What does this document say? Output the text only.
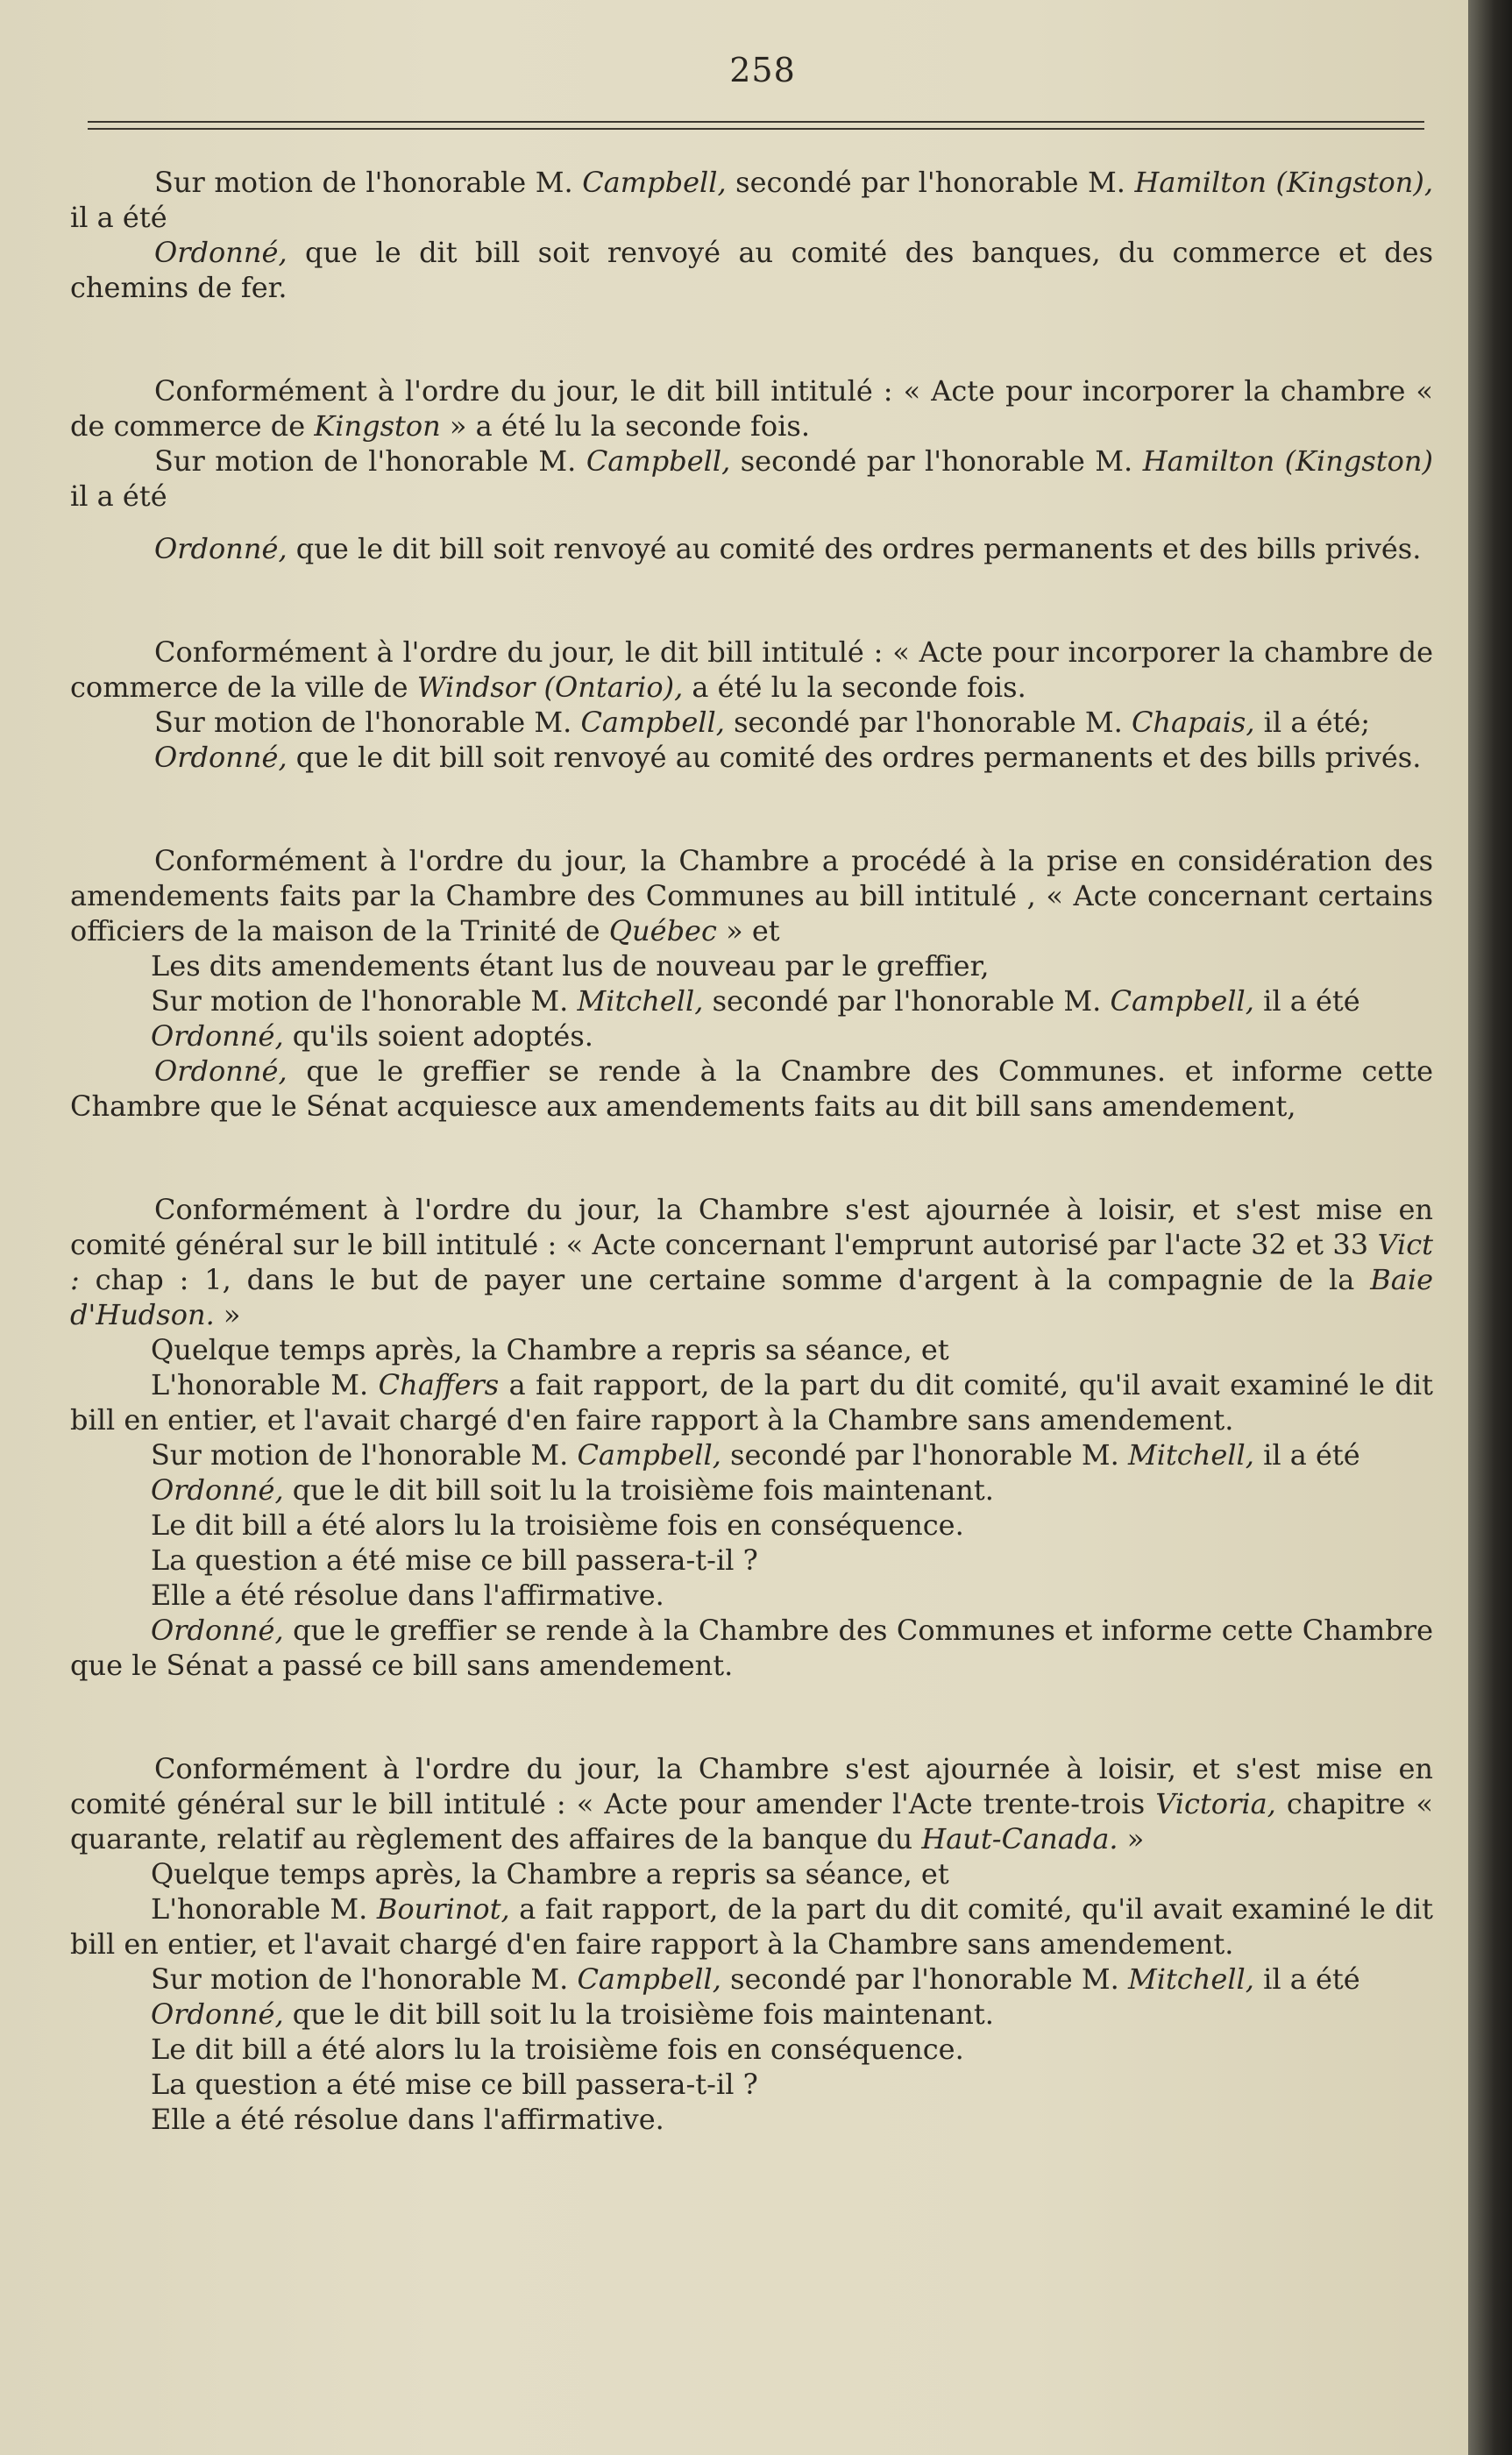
258

Sur motion de l'honorable M. Campbell, secondé par l'honorable M. Hamilton (Kingston), il a été

Ordonné, que le dit bill soit renvoyé au comité des banques, du commerce et des chemins de fer.

Conformément à l'ordre du jour, le dit bill intitulé : « Acte pour incorporer la chambre « de commerce de Kingston » a été lu la seconde fois.

Sur motion de l'honorable M. Campbell, secondé par l'honorable M. Hamilton (Kingston) il a été

Ordonné, que le dit bill soit renvoyé au comité des ordres permanents et des bills privés.

Conformément à l'ordre du jour, le dit bill intitulé : « Acte pour incorporer la chambre de commerce de la ville de Windsor (Ontario), a été lu la seconde fois.

Sur motion de l'honorable M. Campbell, secondé par l'honorable M. Chapais, il a été;

Ordonné, que le dit bill soit renvoyé au comité des ordres permanents et des bills privés.

Conformément à l'ordre du jour, la Chambre a procédé à la prise en considération des amendements faits par la Chambre des Communes au bill intitulé , « Acte concernant certains officiers de la maison de la Trinité de Québec » et

Les dits amendements étant lus de nouveau par le greffier,

Sur motion de l'honorable M. Mitchell, secondé par l'honorable M. Campbell, il a été

Ordonné, qu'ils soient adoptés.

Ordonné, que le greffier se rende à la Cnambre des Communes. et informe cette Chambre que le Sénat acquiesce aux amendements faits au dit bill sans amendement,

Conformément à l'ordre du jour, la Chambre s'est ajournée à loisir, et s'est mise en comité général sur le bill intitulé : « Acte concernant l'emprunt autorisé par l'acte 32 et 33 Vict : chap : 1, dans le but de payer une certaine somme d'argent à la compagnie de la Baie d'Hudson. »

Quelque temps après, la Chambre a repris sa séance, et

L'honorable M. Chaffers a fait rapport, de la part du dit comité, qu'il avait examiné le dit bill en entier, et l'avait chargé d'en faire rapport à la Chambre sans amendement.

Sur motion de l'honorable M. Campbell, secondé par l'honorable M. Mitchell, il a été

Ordonné, que le dit bill soit lu la troisième fois maintenant.

Le dit bill a été alors lu la troisième fois en conséquence.

La question a été mise ce bill passera-t-il ?

Elle a été résolue dans l'affirmative.

Ordonné, que le greffier se rende à la Chambre des Communes et informe cette Chambre que le Sénat a passé ce bill sans amendement.

Conformément à l'ordre du jour, la Chambre s'est ajournée à loisir, et s'est mise en comité général sur le bill intitulé : « Acte pour amender l'Acte trente-trois Victoria, chapitre « quarante, relatif au règlement des affaires de la banque du Haut-Canada. »

Quelque temps après, la Chambre a repris sa séance, et

L'honorable M. Bourinot, a fait rapport, de la part du dit comité, qu'il avait examiné le dit bill en entier, et l'avait chargé d'en faire rapport à la Chambre sans amendement.

Sur motion de l'honorable M. Campbell, secondé par l'honorable M. Mitchell, il a été

Ordonné, que le dit bill soit lu la troisième fois maintenant.

Le dit bill a été alors lu la troisième fois en conséquence.

La question a été mise ce bill passera-t-il ?

Elle a été résolue dans l'affirmative.
